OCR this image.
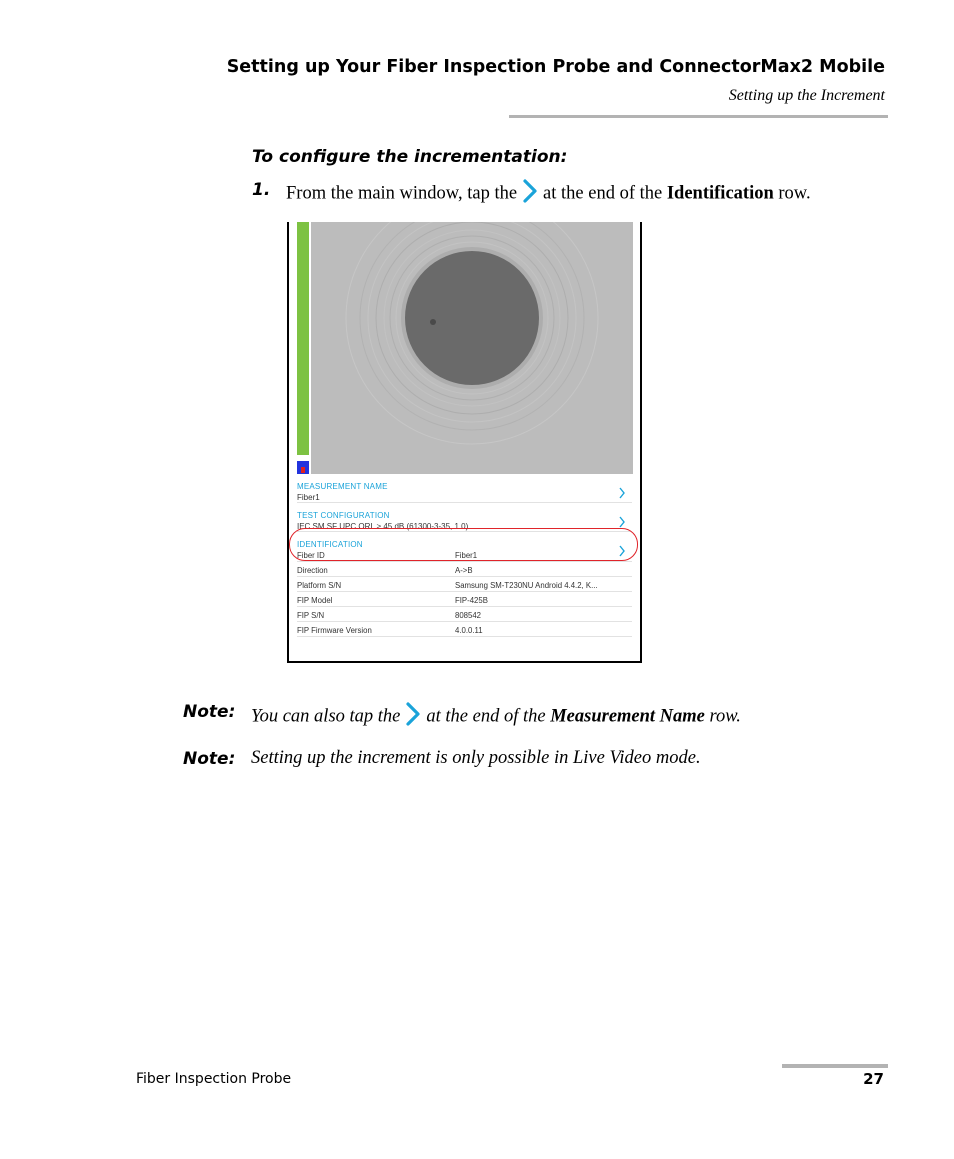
Setting up Your Fiber Inspection Probe and ConnectorMax2 Mobile
Setting up the Increment
To configure the incrementation:
1. From the main window, tap the at the end of the Identification row.
MEASUREMENT NAME
Fiber1
TEST CONFIGURATION
IEC SM SF UPC ORL ≥ 45 dB (61300-3-35, 1.0)
IDENTIFICATION
Fiber ID	Fiber1
Direction	A->B
Platform S/N	Samsung SM-T230NU Android 4.4.2, K...
FIP Model	FIP-425B
FIP S/N	808542
FIP Firmware Version	4.0.0.11
Note: You can also tap the at the end of the Measurement Name row.
Note: Setting up the increment is only possible in Live Video mode.
Fiber Inspection Probe	27
